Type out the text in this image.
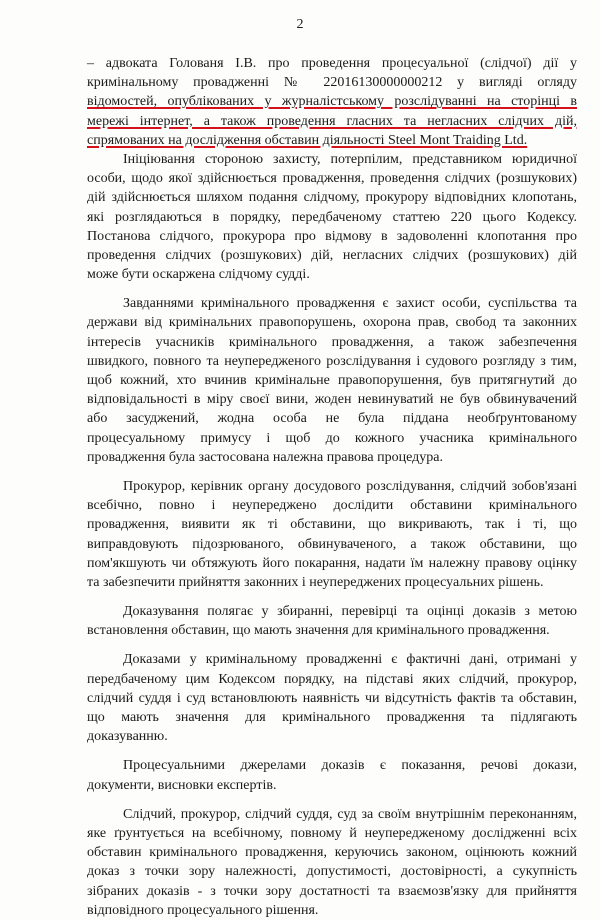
2
– адвоката Голованя І.В. про проведення процесуальної (слідчої) дії у
кримінальному провадженні № 22016130000000212 у вигляді огляду
відомостей, опублікованих у журналістському розслідуванні на сторінці в
мережі інтернет, а також проведення гласних та негласних слідчих дій,
спрямованих на дослідження обставин діяльності Steel Mont Traiding Ltd.
Ініціювання стороною захисту, потерпілим, представником юридичної
особи, щодо якої здійснюється провадження, проведення слідчих (розшукових)
дій здійснюється шляхом подання слідчому, прокурору відповідних клопотань,
які розглядаються в порядку, передбаченому статтею 220 цього Кодексу.
Постанова слідчого, прокурора про відмову в задоволенні клопотання про
проведення слідчих (розшукових) дій, негласних слідчих (розшукових) дій
може бути оскаржена слідчому судді.
Завданнями кримінального провадження є захист особи, суспільства та
держави від кримінальних правопорушень, охорона прав, свобод та законних
інтересів учасників кримінального провадження, а також забезпечення
швидкого, повного та неупередженого розслідування і судового розгляду з тим,
щоб кожний, хто вчинив кримінальне правопорушення, був притягнутий до
відповідальності в міру своєї вини, жоден невинуватий не був обвинувачений
або засуджений, жодна особа не була піддана необґрунтованому
процесуальному примусу і щоб до кожного учасника кримінального
провадження була застосована належна правова процедура.
Прокурор, керівник органу досудового розслідування, слідчий зобов'язані
всебічно, повно і неупереджено дослідити обставини кримінального
провадження, виявити як ті обставини, що викривають, так і ті, що
виправдовують підозрюваного, обвинуваченого, а також обставини, що
пом'якшують чи обтяжують його покарання, надати їм належну правову оцінку
та забезпечити прийняття законних і неупереджених процесуальних рішень.
Доказування полягає у збиранні, перевірці та оцінці доказів з метою
встановлення обставин, що мають значення для кримінального провадження.
Доказами у кримінальному провадженні є фактичні дані, отримані у
передбаченому цим Кодексом порядку, на підставі яких слідчий, прокурор,
слідчий суддя і суд встановлюють наявність чи відсутність фактів та обставин,
що мають значення для кримінального провадження та підлягають
доказуванню.
Процесуальними джерелами доказів є показання, речові докази,
документи, висновки експертів.
Слідчий, прокурор, слідчий суддя, суд за своїм внутрішнім переконанням,
яке ґрунтується на всебічному, повному й неупередженому дослідженні всіх
обставин кримінального провадження, керуючись законом, оцінюють кожний
доказ з точки зору належності, допустимості, достовірності, а сукупність
зібраних доказів - з точки зору достатності та взаємозв'язку для прийняття
відповідного процесуального рішення.
